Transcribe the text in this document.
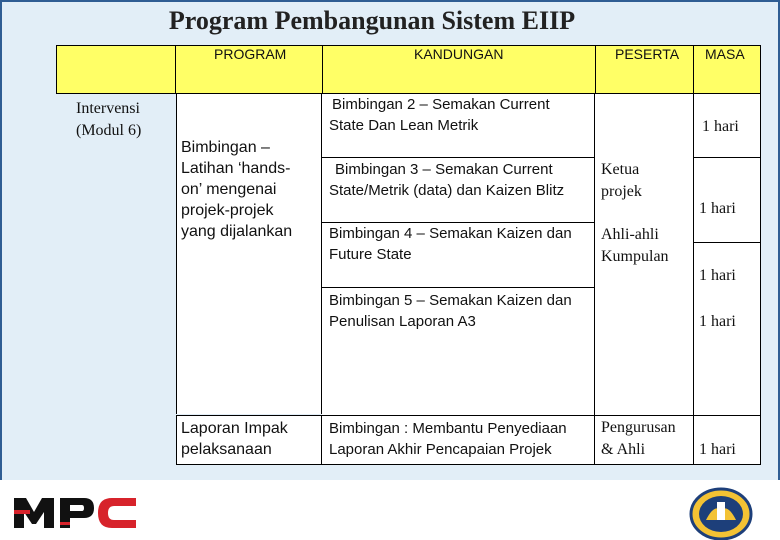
Program Pembangunan Sistem EIIP
PROGRAM	KANDUNGAN	PESERTA MASA
Intervensi
(Modul 6)
Bimbingan –
Latihan ‘hands-
on’ mengenai
projek-projek
yang dijalankan
Laporan Impak
pelaksanaan
Bimbingan 2 – Semakan Current
State Dan Lean Metrik
Bimbingan 3 – Semakan Current
State/Metrik (data) dan Kaizen Blitz
Bimbingan 4 – Semakan Kaizen dan
Future State
Bimbingan 5 – Semakan Kaizen dan
Penulisan Laporan A3
Bimbingan : Membantu Penyediaan
Laporan Akhir Pencapaian Projek
Ketua
projek
Ahli-ahli
Kumpulan
Pengurusan
& Ahli
1 hari
1 hari
1 hari
1 hari
1 hari
